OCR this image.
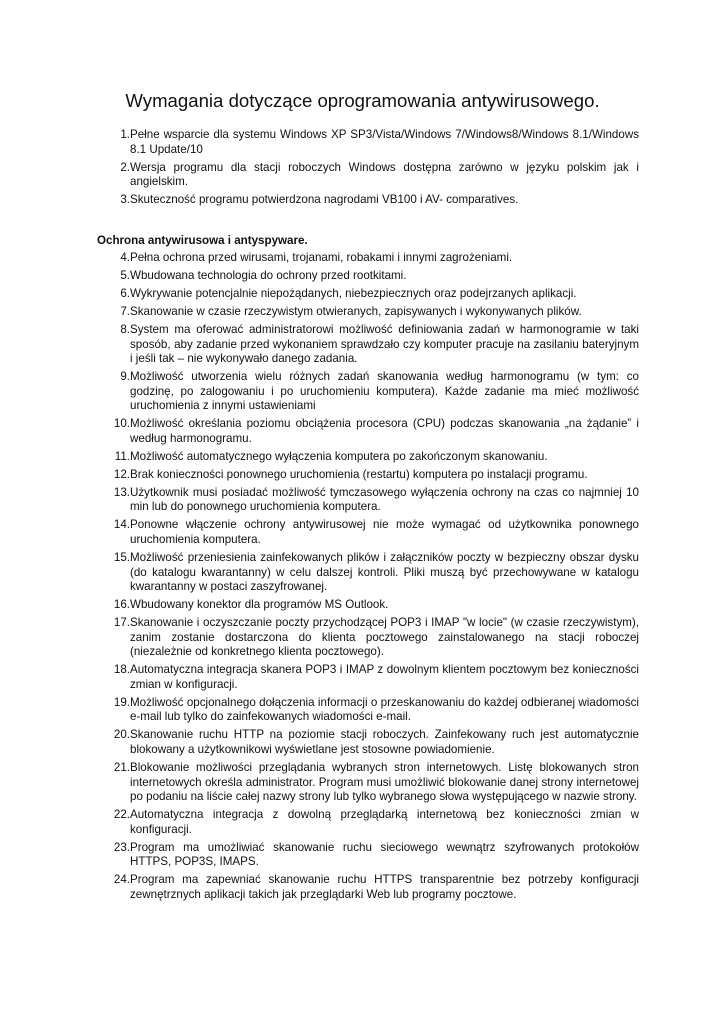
Wymagania dotyczące oprogramowania antywirusowego.
1. Pełne wsparcie dla systemu Windows XP SP3/Vista/Windows 7/Windows8/Windows 8.1/Windows 8.1 Update/10
2. Wersja programu dla stacji roboczych Windows dostępna zarówno w języku polskim jak i angielskim.
3. Skuteczność programu potwierdzona nagrodami VB100 i AV- comparatives.
Ochrona antywirusowa i antyspyware.
4. Pełna ochrona przed wirusami, trojanami, robakami i innymi zagrożeniami.
5. Wbudowana technologia do ochrony przed rootkitami.
6. Wykrywanie potencjalnie niepożądanych, niebezpiecznych oraz podejrzanych aplikacji.
7. Skanowanie w czasie rzeczywistym otwieranych, zapisywanych i wykonywanych plików.
8. System ma oferować administratorowi możliwość definiowania zadań w harmonogramie w taki sposób, aby zadanie przed wykonaniem sprawdzało czy komputer pracuje na zasilaniu bateryjnym i jeśli tak – nie wykonywało danego zadania.
9. Możliwość utworzenia wielu różnych zadań skanowania według harmonogramu (w tym: co godzinę, po zalogowaniu i po uruchomieniu komputera). Każde zadanie ma mieć możliwość uruchomienia z innymi ustawieniami
10. Możliwość określania poziomu obciążenia procesora (CPU) podczas skanowania „na żądanie” i według harmonogramu.
11. Możliwość automatycznego wyłączenia komputera po zakończonym skanowaniu.
12. Brak konieczności ponownego uruchomienia (restartu) komputera po instalacji programu.
13. Użytkownik musi posiadać możliwość tymczasowego wyłączenia ochrony na czas co najmniej 10 min lub do ponownego uruchomienia komputera.
14. Ponowne włączenie ochrony antywirusowej nie może wymagać od użytkownika ponownego uruchomienia komputera.
15. Możliwość przeniesienia zainfekowanych plików i załączników poczty w bezpieczny obszar dysku (do katalogu kwarantanny) w celu dalszej kontroli. Pliki muszą być przechowywane w katalogu kwarantanny w postaci zaszyfrowanej.
16. Wbudowany konektor dla programów MS Outlook.
17. Skanowanie i oczyszczanie poczty przychodzącej POP3 i IMAP "w locie" (w czasie rzeczywistym), zanim zostanie dostarczona do klienta pocztowego zainstalowanego na stacji roboczej (niezależnie od konkretnego klienta pocztowego).
18. Automatyczna integracja skanera POP3 i IMAP z dowolnym klientem pocztowym bez konieczności zmian w konfiguracji.
19. Możliwość opcjonalnego dołączenia informacji o przeskanowaniu do każdej odbieranej wiadomości e-mail lub tylko do zainfekowanych wiadomości e-mail.
20. Skanowanie ruchu HTTP na poziomie stacji roboczych. Zainfekowany ruch jest automatycznie blokowany a użytkownikowi wyświetlane jest stosowne powiadomienie.
21. Blokowanie możliwości przeglądania wybranych stron internetowych. Listę blokowanych stron internetowych określa administrator. Program musi umożliwić blokowanie danej strony internetowej po podaniu na liście całej nazwy strony lub tylko wybranego słowa występującego w nazwie strony.
22. Automatyczna integracja z dowolną przeglądarką internetową bez konieczności zmian w konfiguracji.
23. Program ma umożliwiać skanowanie ruchu sieciowego wewnątrz szyfrowanych protokołów HTTPS, POP3S, IMAPS.
24. Program ma zapewniać skanowanie ruchu HTTPS transparentnie bez potrzeby konfiguracji zewnętrznych aplikacji takich jak przeglądarki Web lub programy pocztowe.
